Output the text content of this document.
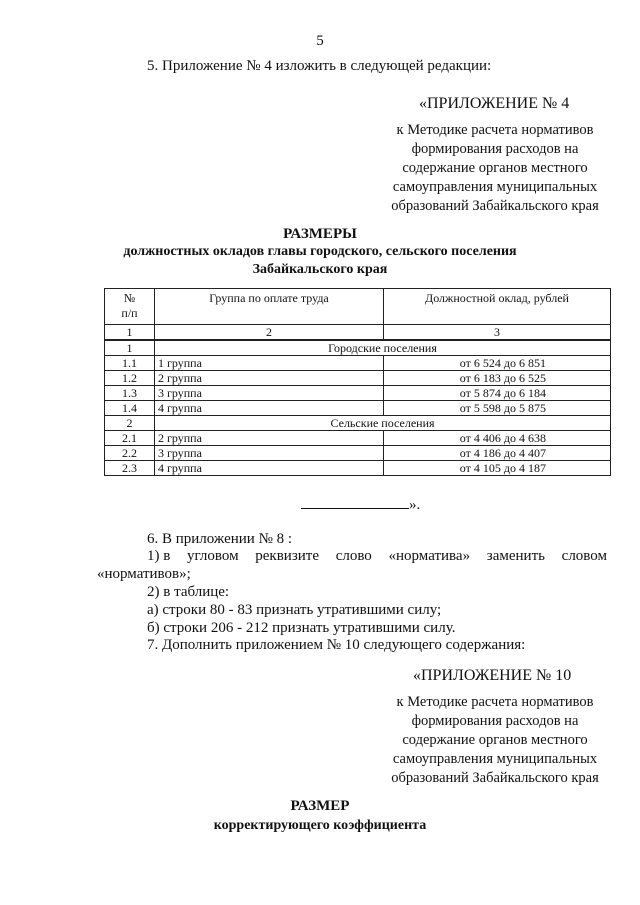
5
5. Приложение № 4 изложить в следующей редакции:
«ПРИЛОЖЕНИЕ № 4
к Методике расчета нормативов
формирования расходов на
содержание органов местного
самоуправления муниципальных
образований Забайкальского края
РАЗМЕРЫ
должностных окладов главы городского, сельского поселения
Забайкальского края
№
п/п	Группа по оплате труда	Должностной оклад, рублей
1	2	3
1	Городские поселения	
1.1	1 группа	от 6 524 до 6 851
1.2	2 группа	от 6 183 до 6 525
1.3	3 группа	от 5 874 до 6 184
1.4	4 группа	от 5 598 до 5 875
2	Сельские поселения	
2.1	2 группа	от 4 406 до 4 638
2.2	3 группа	от 4 186 до 4 407
2.3	4 группа	от 4 105 до 4 187
».
6. В приложении № 8 :
1) в угловом реквизите слово «норматива» заменить словом
«нормативов»;
2) в таблице:
а) строки 80 - 83 признать утратившими силу;
б) строки 206 - 212 признать утратившими силу.
7. Дополнить приложением № 10 следующего содержания:
«ПРИЛОЖЕНИЕ № 10
к Методике расчета нормативов
формирования расходов на
содержание органов местного
самоуправления муниципальных
образований Забайкальского края
РАЗМЕР
корректирующего коэффициента
